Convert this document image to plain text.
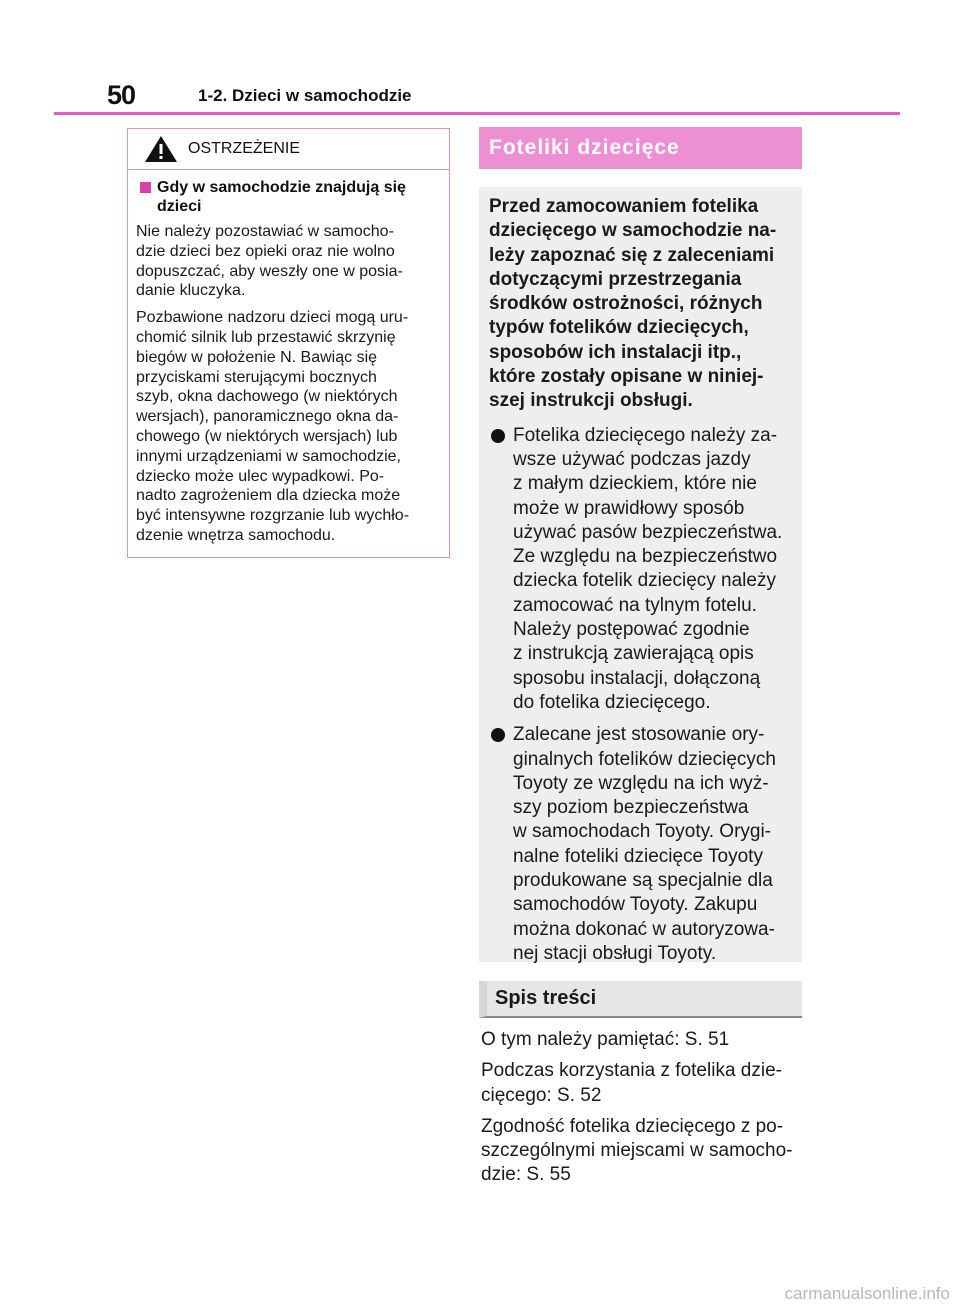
50	1-2. Dzieci w samochodzie
OSTRZEŻENIE
Gdy w samochodzie znajdują się dzieci

Nie należy pozostawiać w samocho-
dzie dzieci bez opieki oraz nie wolno
dopuszczać, aby weszły one w posia-
danie kluczyka.

Pozbawione nadzoru dzieci mogą uru-
chomić silnik lub przestawić skrzynię
biegów w położenie N. Bawiąc się
przyciskami sterującymi bocznych
szyb, okna dachowego (w niektórych
wersjach), panoramicznego okna da-
chowego (w niektórych wersjach) lub
innymi urządzeniami w samochodzie,
dziecko może ulec wypadkowi. Po-
nadto zagrożeniem dla dziecka może
być intensywne rozgrzanie lub wychło-
dzenie wnętrza samochodu.

Foteliki dziecięce

Przed zamocowaniem fotelika
dziecięcego w samochodzie na-
leży zapoznać się z zaleceniami
dotyczącymi przestrzegania
środków ostrożności, różnych
typów fotelików dziecięcych,
sposobów ich instalacji itp.,
które zostały opisane w niniej-
szej instrukcji obsługi.

Fotelika dziecięcego należy za-
wsze używać podczas jazdy
z małym dzieckiem, które nie
może w prawidłowy sposób
używać pasów bezpieczeństwa.
Ze względu na bezpieczeństwo
dziecka fotelik dziecięcy należy
zamocować na tylnym fotelu.
Należy postępować zgodnie
z instrukcją zawierającą opis
sposobu instalacji, dołączoną
do fotelika dziecięcego.
Zalecane jest stosowanie ory-
ginalnych fotelików dziecięcych
Toyoty ze względu na ich wyż-
szy poziom bezpieczeństwa
w samochodach Toyoty. Orygi-
nalne foteliki dziecięce Toyoty
produkowane są specjalnie dla
samochodów Toyoty. Zakupu
można dokonać w autoryzowa-
nej stacji obsługi Toyoty.
Spis treści

O tym należy pamiętać: S. 51

Podczas korzystania z fotelika dzie-
cięcego: S. 52

Zgodność fotelika dziecięcego z po-
szczególnymi miejscami w samocho-
dzie: S. 55

carmanualsonline.info
